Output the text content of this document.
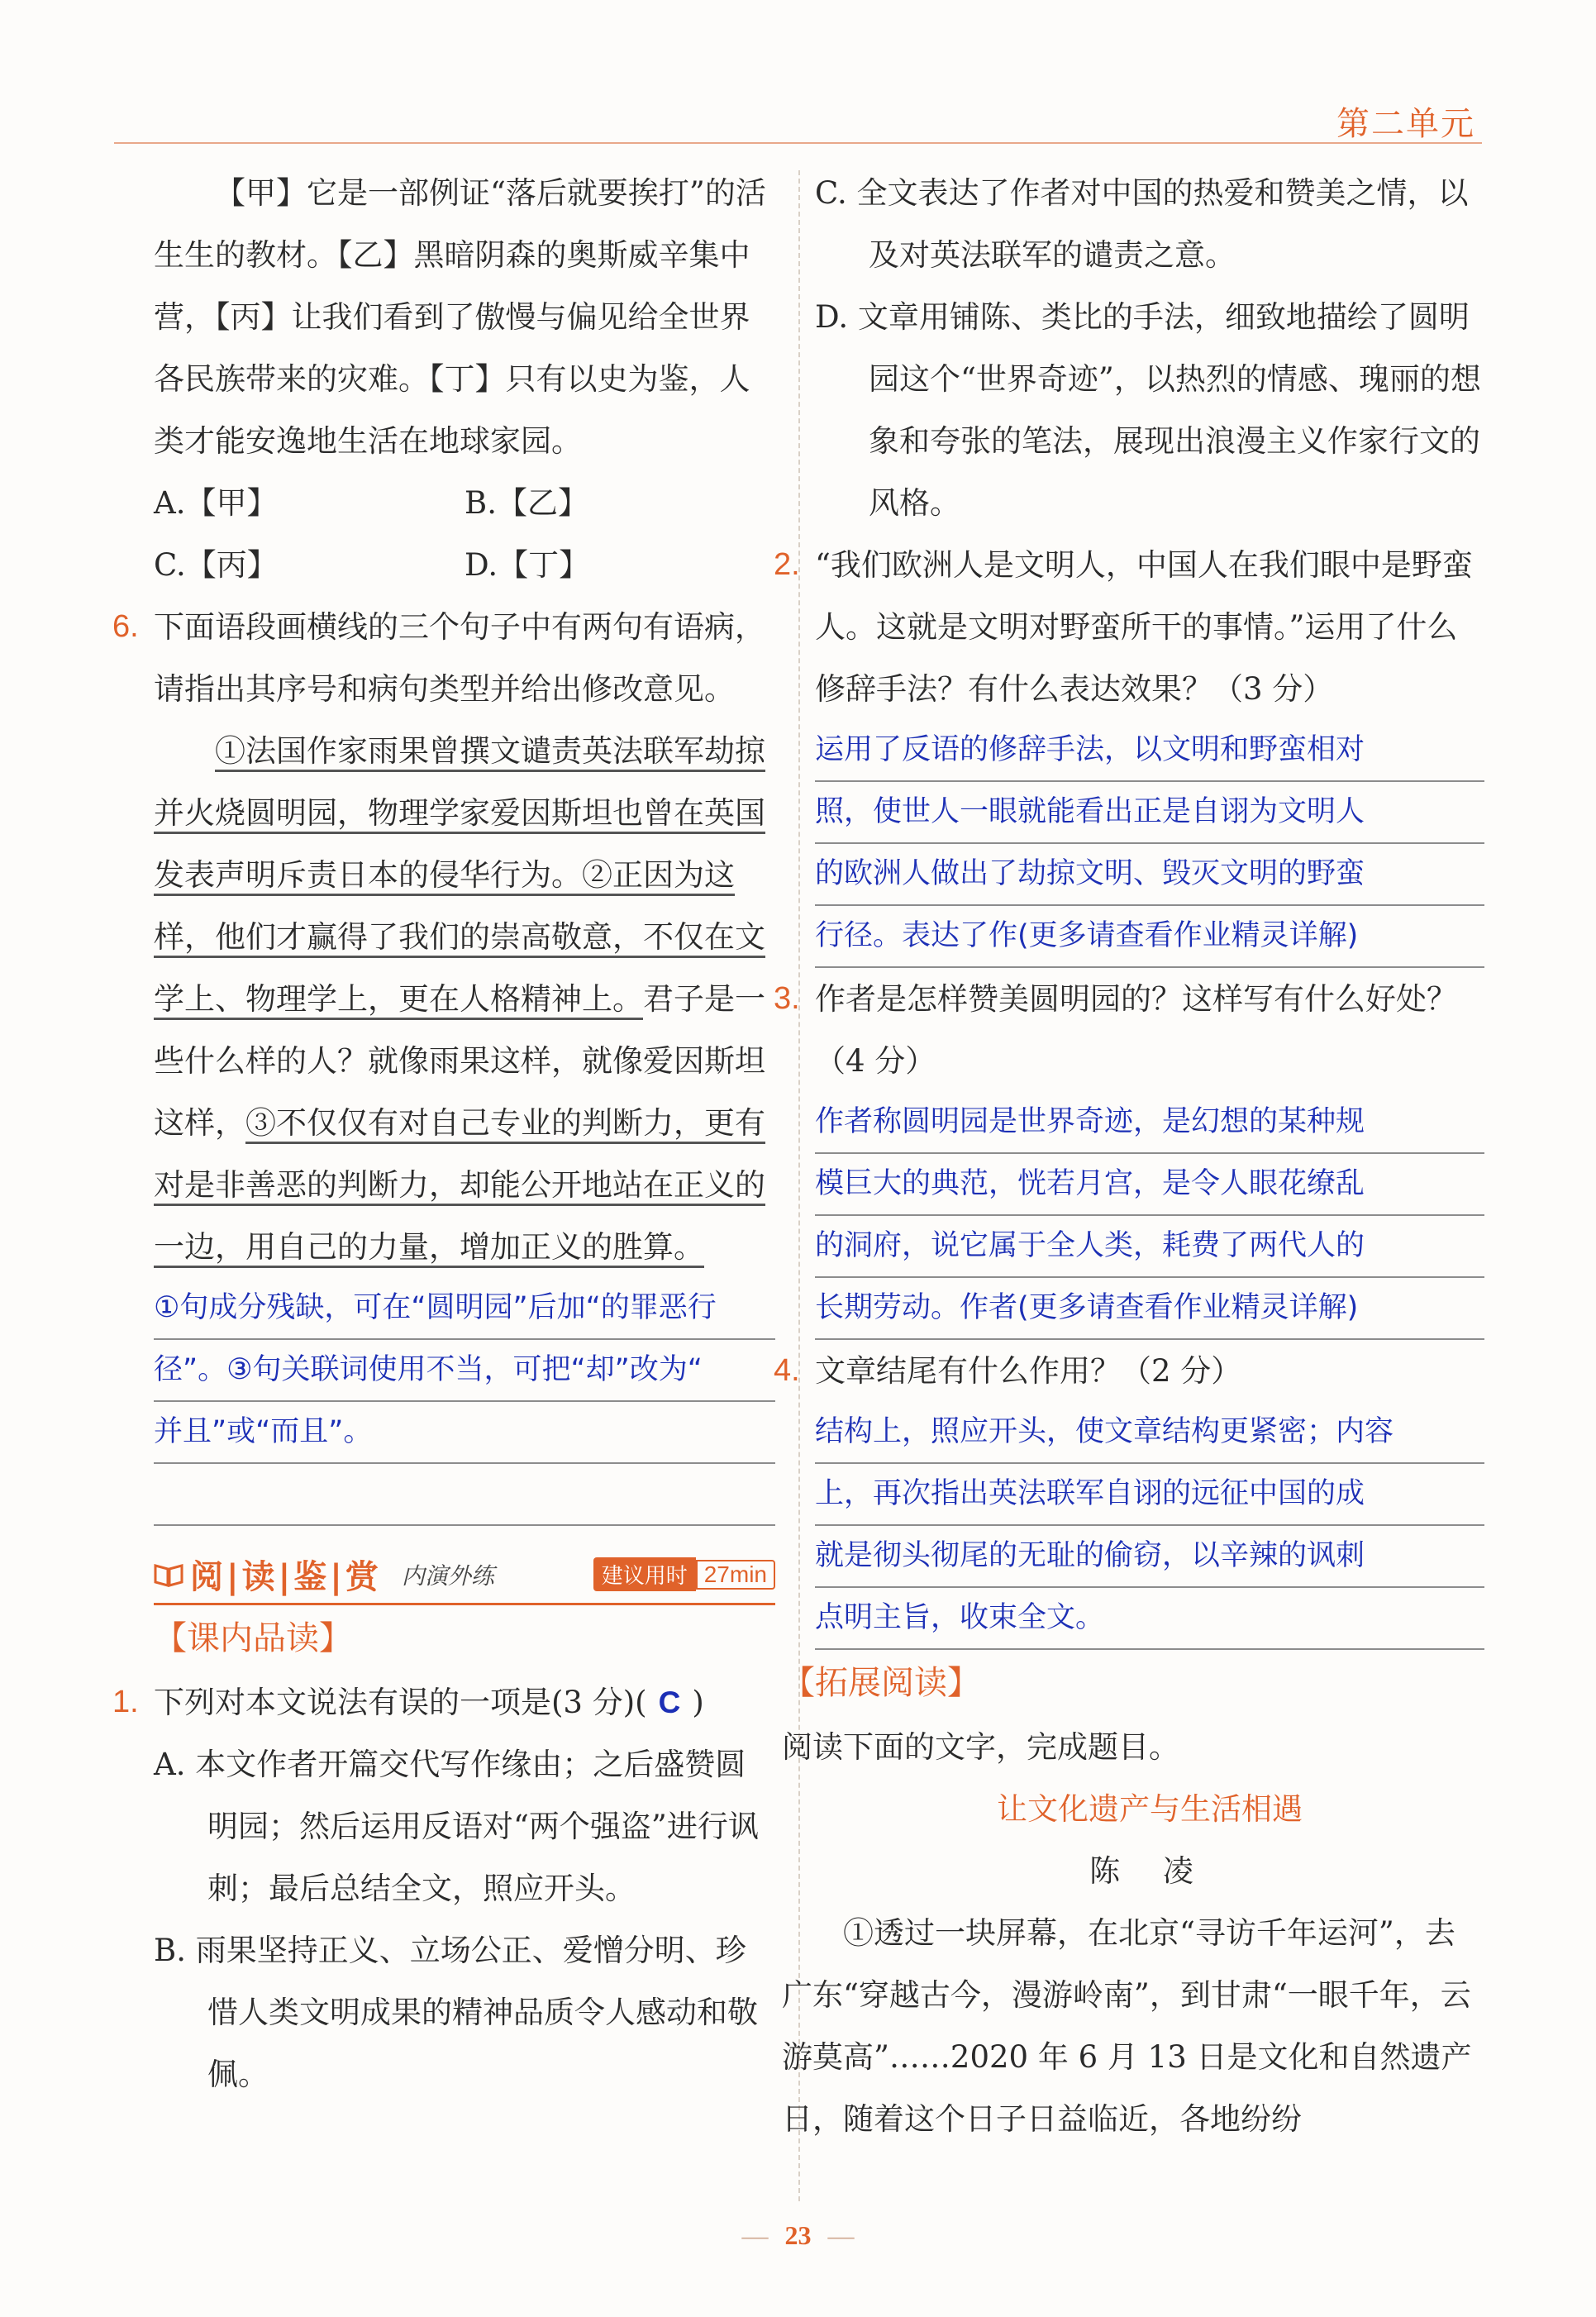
第二单元

【甲】它是一部例证“落后就要挨打”的活生生的教材。【乙】黑暗阴森的奥斯威辛集中营，【丙】让我们看到了傲慢与偏见给全世界各民族带来的灾难。【丁】只有以史为鉴，人类才能安逸地生活在地球家园。

A.【甲】	B.【乙】
C.【丙】	D.【丁】
6. 下面语段画横线的三个句子中有两句有语病，请指出其序号和病句类型并给出修改意见。

①法国作家雨果曾撰文谴责英法联军劫掠并火烧圆明园，物理学家爱因斯坦也曾在英国发表声明斥责日本的侵华行为。②正因为这样，他们才赢得了我们的崇高敬意，不仅在文学上、物理学上，更在人格精神上。君子是一些什么样的人？就像雨果这样，就像爱因斯坦这样，③不仅仅有对自己专业的判断力，更有对是非善恶的判断力，却能公开地站在正义的一边，用自己的力量，增加正义的胜算。

①句成分残缺，可在“圆明园”后加“的罪恶行
径”。③句关联词使用不当，可把“却”改为“
并且”或“而且”。
阅|读|鉴|赏 内演外练	建议用时 27min

【课内品读】

1. 下列对本文说法有误的一项是(3 分)( C )

A. 本文作者开篇交代写作缘由；之后盛赞圆明园；然后运用反语对“两个强盗”进行讽刺；最后总结全文，照应开头。

B. 雨果坚持正义、立场公正、爱憎分明、珍惜人类文明成果的精神品质令人感动和敬佩。

C. 全文表达了作者对中国的热爱和赞美之情，以及对英法联军的谴责之意。

D. 文章用铺陈、类比的手法，细致地描绘了圆明园这个“世界奇迹”，以热烈的情感、瑰丽的想象和夸张的笔法，展现出浪漫主义作家行文的风格。

2. “我们欧洲人是文明人，中国人在我们眼中是野蛮人。这就是文明对野蛮所干的事情。”运用了什么修辞手法？有什么表达效果？（3 分）

运用了反语的修辞手法，以文明和野蛮相对
照，使世人一眼就能看出正是自诩为文明人
的欧洲人做出了劫掠文明、毁灭文明的野蛮
行径。表达了作(更多请查看作业精灵详解)
3. 作者是怎样赞美圆明园的？这样写有什么好处？（4 分）

作者称圆明园是世界奇迹，是幻想的某种规
模巨大的典范，恍若月宫，是令人眼花缭乱
的洞府，说它属于全人类，耗费了两代人的
长期劳动。作者(更多请查看作业精灵详解)
4. 文章结尾有什么作用？（2 分）

结构上，照应开头，使文章结构更紧密；内容
上，再次指出英法联军自诩的远征中国的成
就是彻头彻尾的无耻的偷窃，以辛辣的讽刺
点明主旨，收束全文。

【拓展阅读】

阅读下面的文字，完成题目。

让文化遗产与生活相遇

陈 凌

①透过一块屏幕，在北京“寻访千年运河”，去广东“穿越古今，漫游岭南”，到甘肃“一眼千年，云游莫高”……2020 年 6 月 13 日是文化和自然遗产日，随着这个日子日益临近，各地纷纷

— 23 —
